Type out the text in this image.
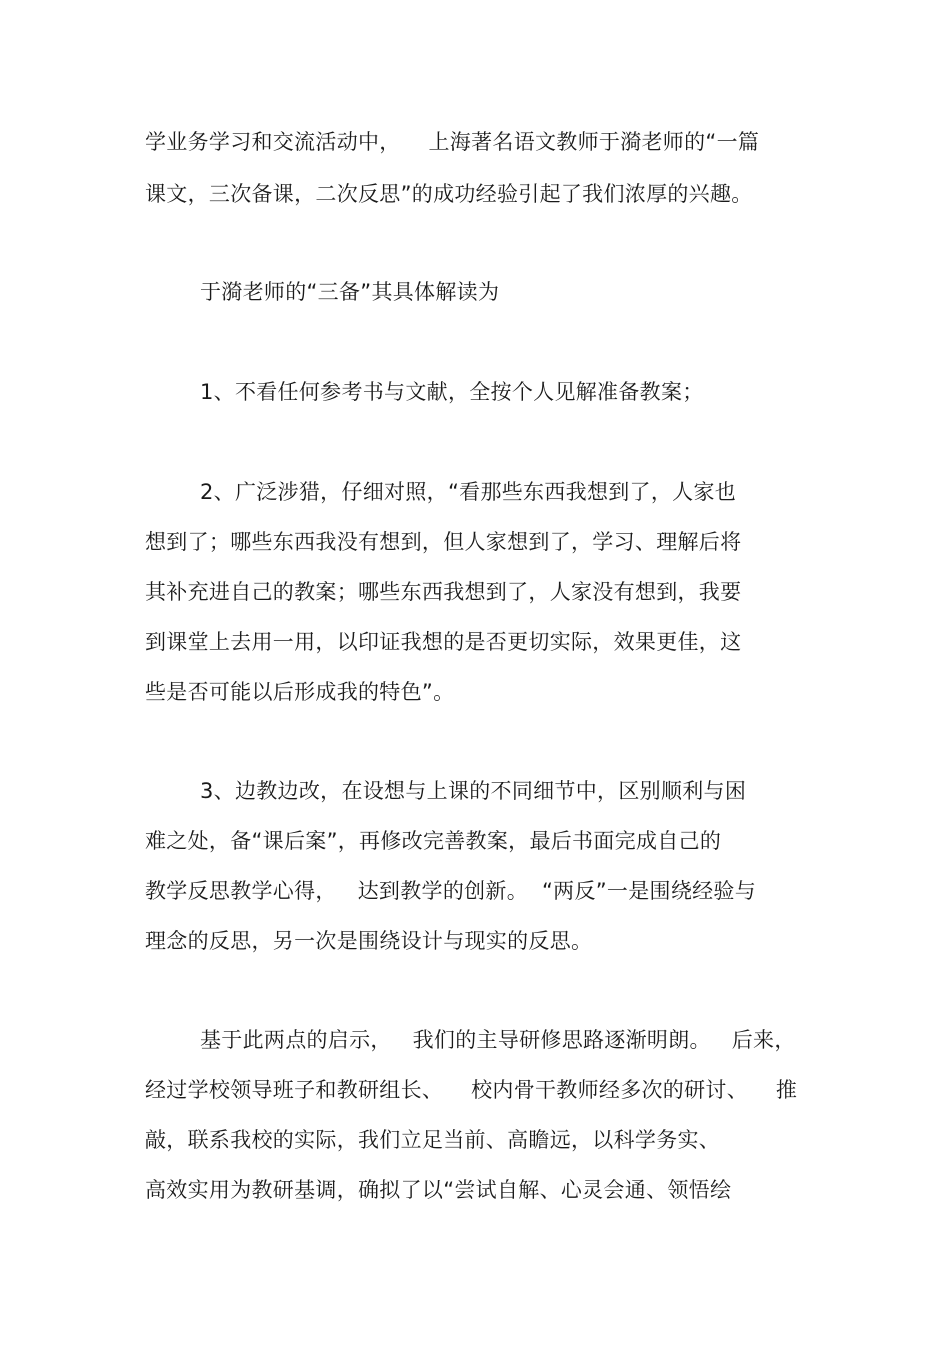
学业务学习和交流活动中，    上海著名语文教师于漪老师的“一篇
课文，三次备课，二次反思”的成功经验引起了我们浓厚的兴趣。
于漪老师的“三备”其具体解读为
1、不看任何参考书与文献，全按个人见解准备教案；
2、广泛涉猎，仔细对照，“看那些东西我想到了，人家也
想到了；哪些东西我没有想到，但人家想到了，学习、理解后将
其补充进自己的教案；哪些东西我想到了，人家没有想到，我要
到课堂上去用一用，以印证我想的是否更切实际，效果更佳，这
些是否可能以后形成我的特色”。
3、边教边改，在设想与上课的不同细节中，区别顺利与困
难之处，备“课后案”，再修改完善教案，最后书面完成自己的
教学反思教学心得，   达到教学的创新。  “两反”一是围绕经验与
理念的反思，另一次是围绕设计与现实的反思。
基于此两点的启示，   我们的主导研修思路逐渐明朗。   后来，
经过学校领导班子和教研组长、    校内骨干教师经多次的研讨、    推
敲，联系我校的实际，我们立足当前、高瞻远，以科学务实、
高效实用为教研基调，确拟了以“尝试自解、心灵会通、领悟绘
